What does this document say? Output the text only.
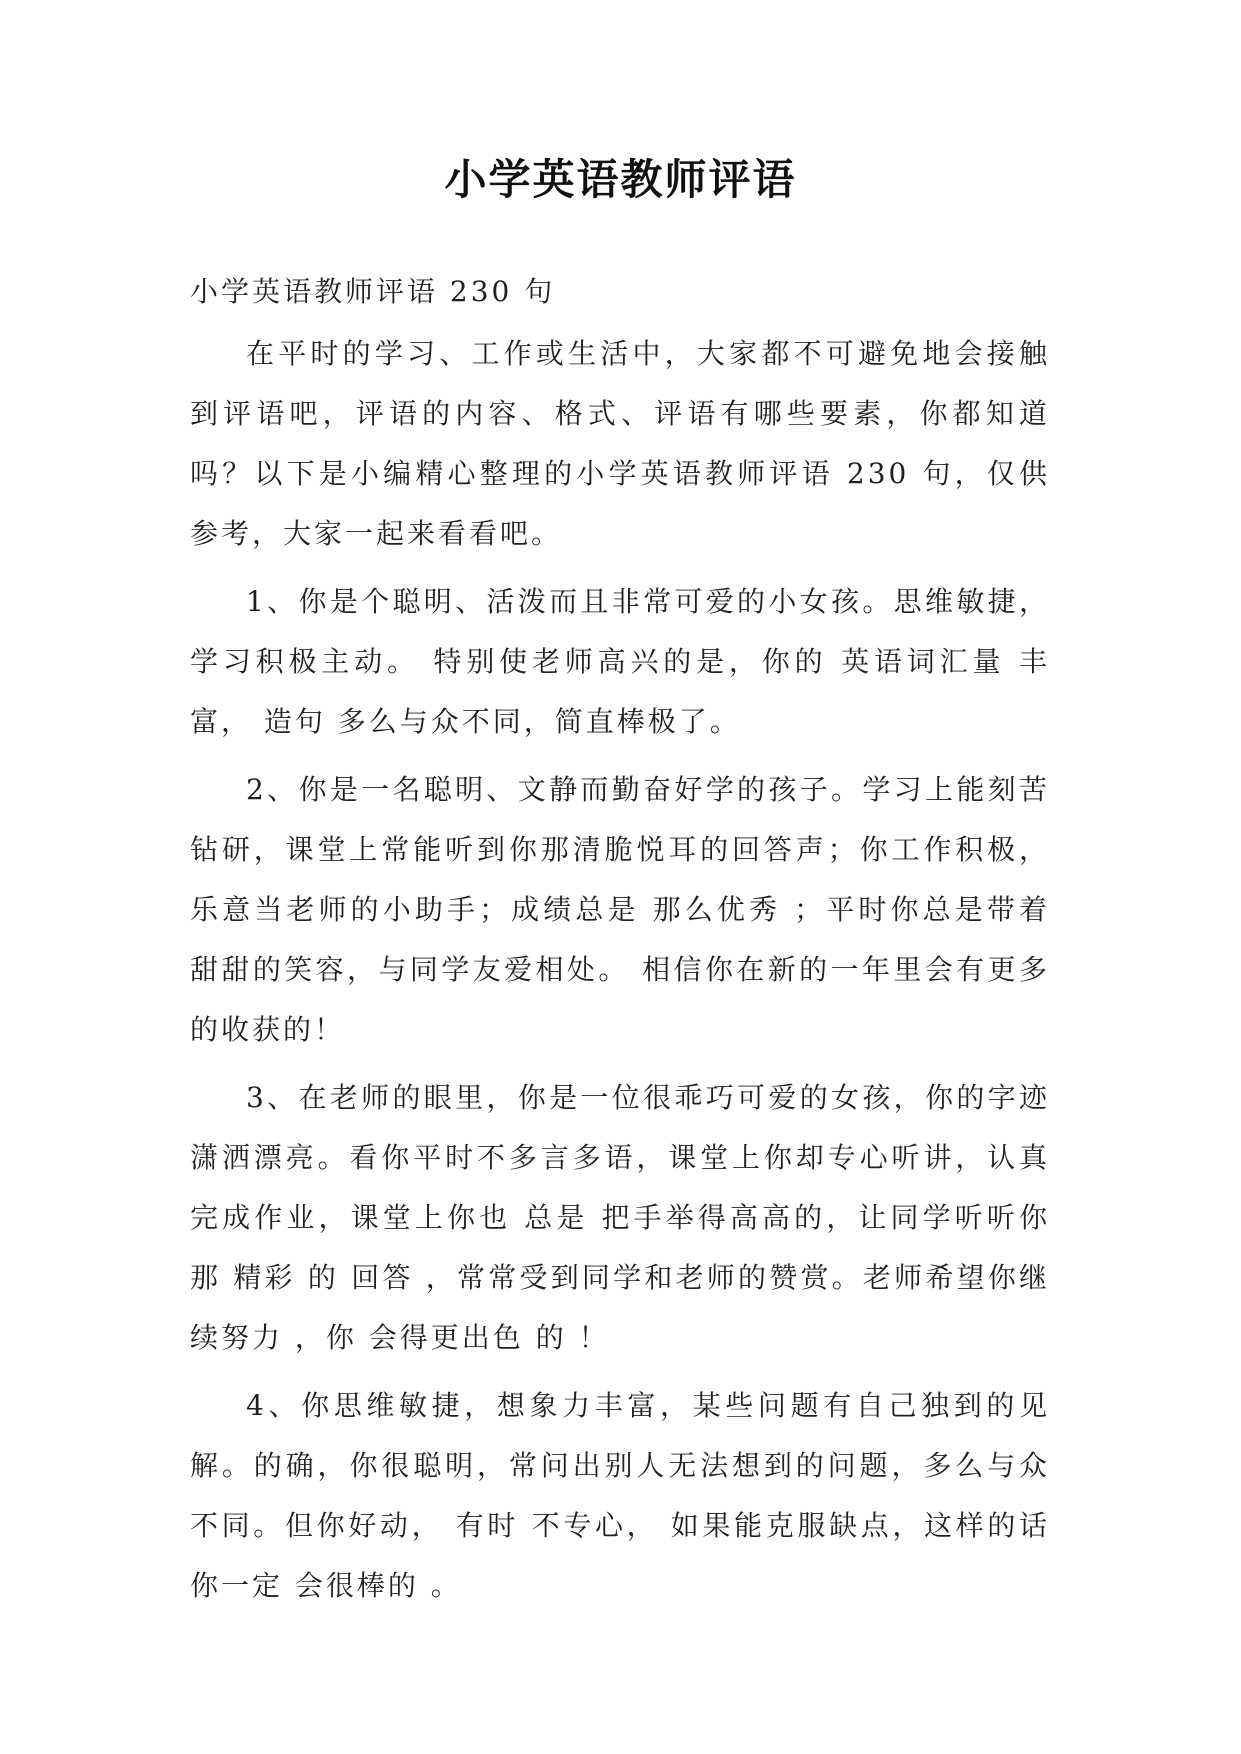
小学英语教师评语

小学英语教师评语 230 句

在平时的学习、工作或生活中，大家都不可避免地会接触到评语吧，评语的内容、格式、评语有哪些要素，你都知道吗？以下是小编精心整理的小学英语教师评语 230 句，仅供参考，大家一起来看看吧。

1、你是个聪明、活泼而且非常可爱的小女孩。思维敏捷， 学习积极主动。 特别使老师高兴的是，你的 英语词汇量 丰富， 造句 多么与众不同，简直棒极了。

2、你是一名聪明、文静而勤奋好学的孩子。学习上能刻苦钻研，课堂上常能听到你那清脆悦耳的回答声；你工作积极，乐意当老师的小助手；成绩总是 那么优秀 ；平时你总是带着甜甜的笑容，与同学友爱相处。 相信你在新的一年里会有更多的收获的！

3、在老师的眼里，你是一位很乖巧可爱的女孩，你的字迹潇洒漂亮。看你平时不多言多语，课堂上你却专心听讲，认真完成作业，课堂上你也 总是 把手举得高高的，让同学听听你那 精彩 的 回答 ，常常受到同学和老师的赞赏。老师希望你继续努力 ，你 会得更出色 的 ！

4、你思维敏捷，想象力丰富，某些问题有自己独到的见解。的确，你很聪明，常问出别人无法想到的问题，多么与众不同。但你好动， 有时 不专心， 如果能克服缺点，这样的话你一定 会很棒的 。
